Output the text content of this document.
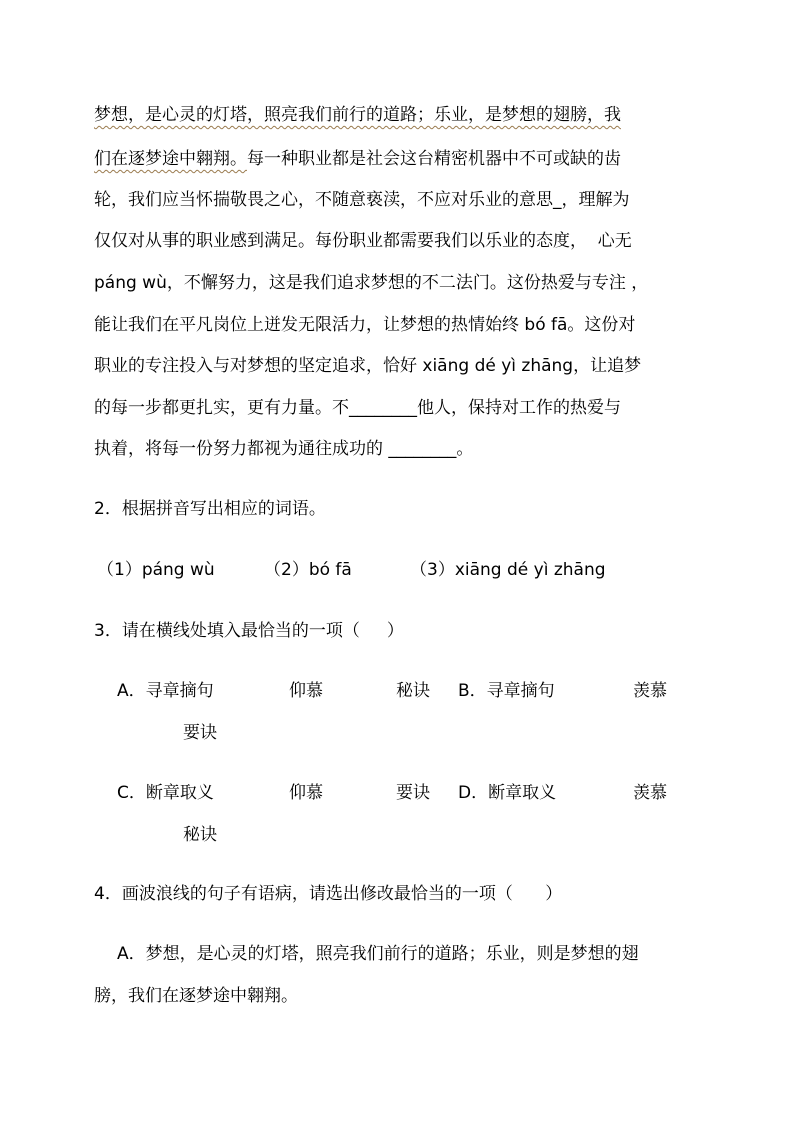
梦想，是心灵的灯塔，照亮我们前行的道路；乐业，是梦想的翅膀，我
们在逐梦途中翱翔。每一种职业都是社会这台精密机器中不可或缺的齿
轮，我们应当怀揣敬畏之心，不随意亵渎，不应对乐业的意思_，理解为
仅仅对从事的职业感到满足。每份职业都需要我们以乐业的态度，  心无
páng wù，不懈努力，这是我们追求梦想的不二法门。这份热爱与专注 ，
能让我们在平凡岗位上迸发无限活力，让梦想的热情始终 bó fā。这份对
职业的专注投入与对梦想的坚定追求，恰好 xiāng dé yì zhāng，让追梦
的每一步都更扎实，更有力量。不________他人，保持对工作的热爱与
执着，将每一份努力都视为通往成功的 ________。
2．根据拼音写出相应的词语。
（1）páng wù	（2）bó fā	（3）xiāng dé yì zhāng
3．请在横线处填入最恰当的一项（     ）
A．寻章摘句	仰慕	秘诀 B．寻章摘句	羡慕
要诀
C．断章取义	仰慕	要诀 D．断章取义	羡慕
秘诀
4．画波浪线的句子有语病，请选出修改最恰当的一项（      ）
A．梦想，是心灵的灯塔，照亮我们前行的道路；乐业，则是梦想的翅
膀，我们在逐梦途中翱翔。
